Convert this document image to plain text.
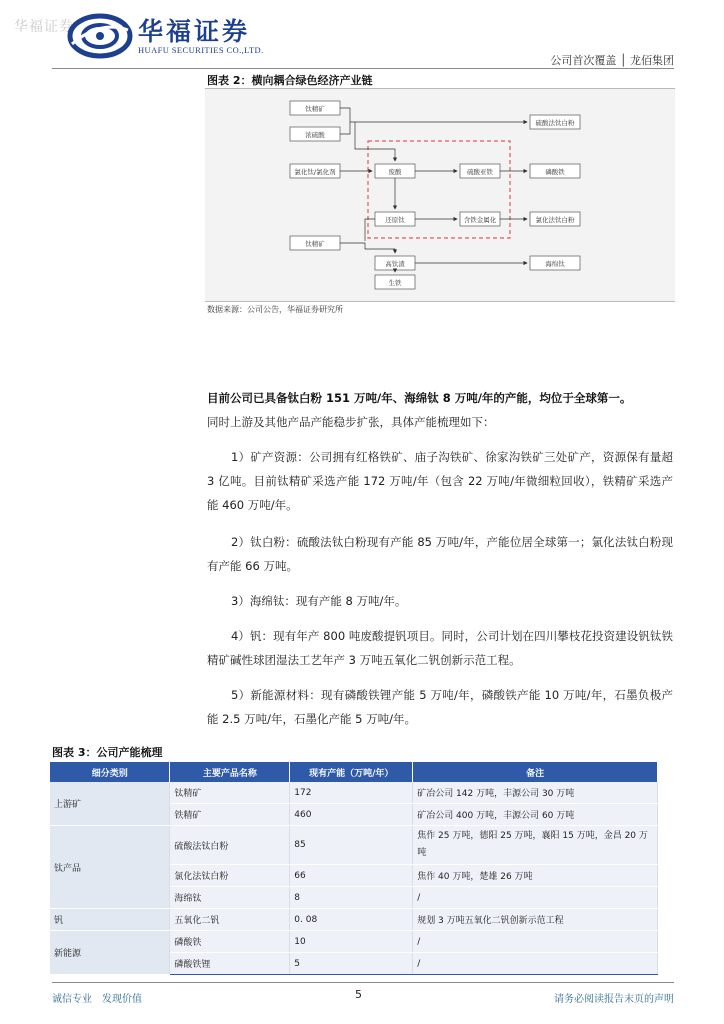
华福证券	华福证券
HUAFU SECURITIES CO.,LTD.
公司首次覆盖 │ 龙佰集团
图表 2：横向耦合绿色经济产业链
钛精矿
浓硫酸
氯化钛/氯化剂	废酸
还原钛
钛精矿
硫酸法钛白粉
硫酸亚铁	磷酸铁
含铁金属化	氯化法钛白粉
高钛渣	海绵钛
生铁
数据来源：公司公告，华福证券研究所
目前公司已具备钛白粉 151 万吨/年、海绵钛 8 万吨/年的产能，均位于全球第一。
同时上游及其他产品产能稳步扩张，具体产能梳理如下：
1）矿产资源：公司拥有红格铁矿、庙子沟铁矿、徐家沟铁矿三处矿产，资源保有量超 3 亿吨。目前钛精矿采选产能 172 万吨/年（包含 22 万吨/年微细粒回收），铁精矿采选产能 460 万吨/年。
2）钛白粉：硫酸法钛白粉现有产能 85 万吨/年，产能位居全球第一；氯化法钛白粉现有产能 66 万吨。
3）海绵钛：现有产能 8 万吨/年。
4）钒：现有年产 800 吨废酸提钒项目。同时，公司计划在四川攀枝花投资建设钒钛铁精矿碱性球团湿法工艺年产 3 万吨五氧化二钒创新示范工程。
5）新能源材料：现有磷酸铁锂产能 5 万吨/年，磷酸铁产能 10 万吨/年，石墨负极产能 2.5 万吨/年，石墨化产能 5 万吨/年。
图表 3：公司产能梳理
细分类别	主要产品名称	现有产能（万吨/年）	备注
上游矿	钛精矿	172	矿冶公司 142 万吨，丰源公司 30 万吨
	铁精矿	460	矿冶公司 400 万吨，丰源公司 60 万吨
钛产品	硫酸法钛白粉	85	焦作 25 万吨，德阳 25 万吨，襄阳 15 万吨，金昌 20 万吨
	氯化法钛白粉	66	焦作 40 万吨，楚雄 26 万吨
	海绵钛	8	/
钒	五氧化二钒	0. 08	规划 3 万吨五氧化二钒创新示范工程
新能源	磷酸铁	10	/
	磷酸铁锂	5	/
诚信专业　发现价值	5	请务必阅读报告末页的声明
